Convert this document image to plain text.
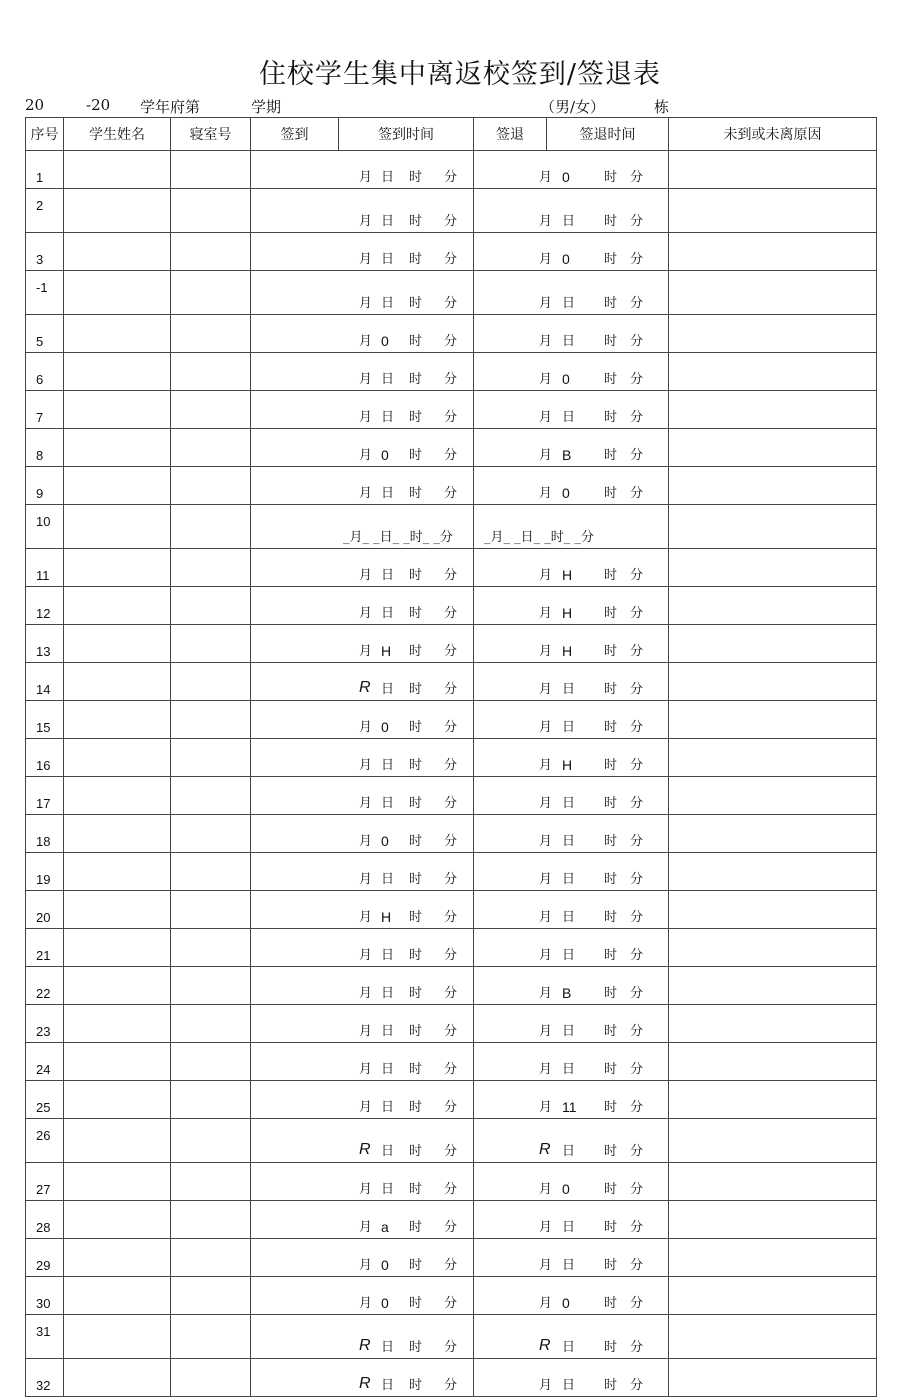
住校学生集中离返校签到/签退表
20	-20 学年府第	学期	（男/女）	栋
序号	学生姓名	寝室号	签到	签到时间	签退	签退时间	未到或未离原因
1			月 日 时 分		月 0 时 分		

2			月 日 时 分		月 日 时 分		

3			月 日 时 分		月 0 时 分		

-1			月 日 时 分		月 日 时 分		

5			月 0 时 分		月 日 时 分		

6			月 日 时 分		月 0 时 分		

7			月 日 时 分		月 日 时 分		

8			月 0 时 分		月 B 时 分		

9			月 日 时 分		月 0 时 分		

10			_月_ _日_ _时_ _分		_月_ _日_ _时_ _分		

11			月 日 时 分		月 H 时 分		

12			月 日 时 分		月 H 时 分		

13			月 H 时 分		月 H 时 分		

14			R 日 时 分		月 日 时 分		

15			月 0 时 分		月 日 时 分		

16			月 日 时 分		月 H 时 分		

17			月 日 时 分		月 日 时 分		

18			月 0 时 分		月 日 时 分		

19			月 日 时 分		月 日 时 分		

20			月 H 时 分		月 日 时 分		

21			月 日 时 分		月 日 时 分		

22			月 日 时 分		月 B 时 分		

23			月 日 时 分		月 日 时 分		

24			月 日 时 分		月 日 时 分		

25			月 日 时 分		月 11 时 分		

26			R 日 时 分		R 日 时 分		

27			月 日 时 分		月 0 时 分		

28			月 a 时 分		月 日 时 分		

29			月 0 时 分		月 日 时 分		

30			月 0 时 分		月 0 时 分		

31			R 日 时 分		R 日 时 分		

32			R 日 时 分		月 日 时 分		
